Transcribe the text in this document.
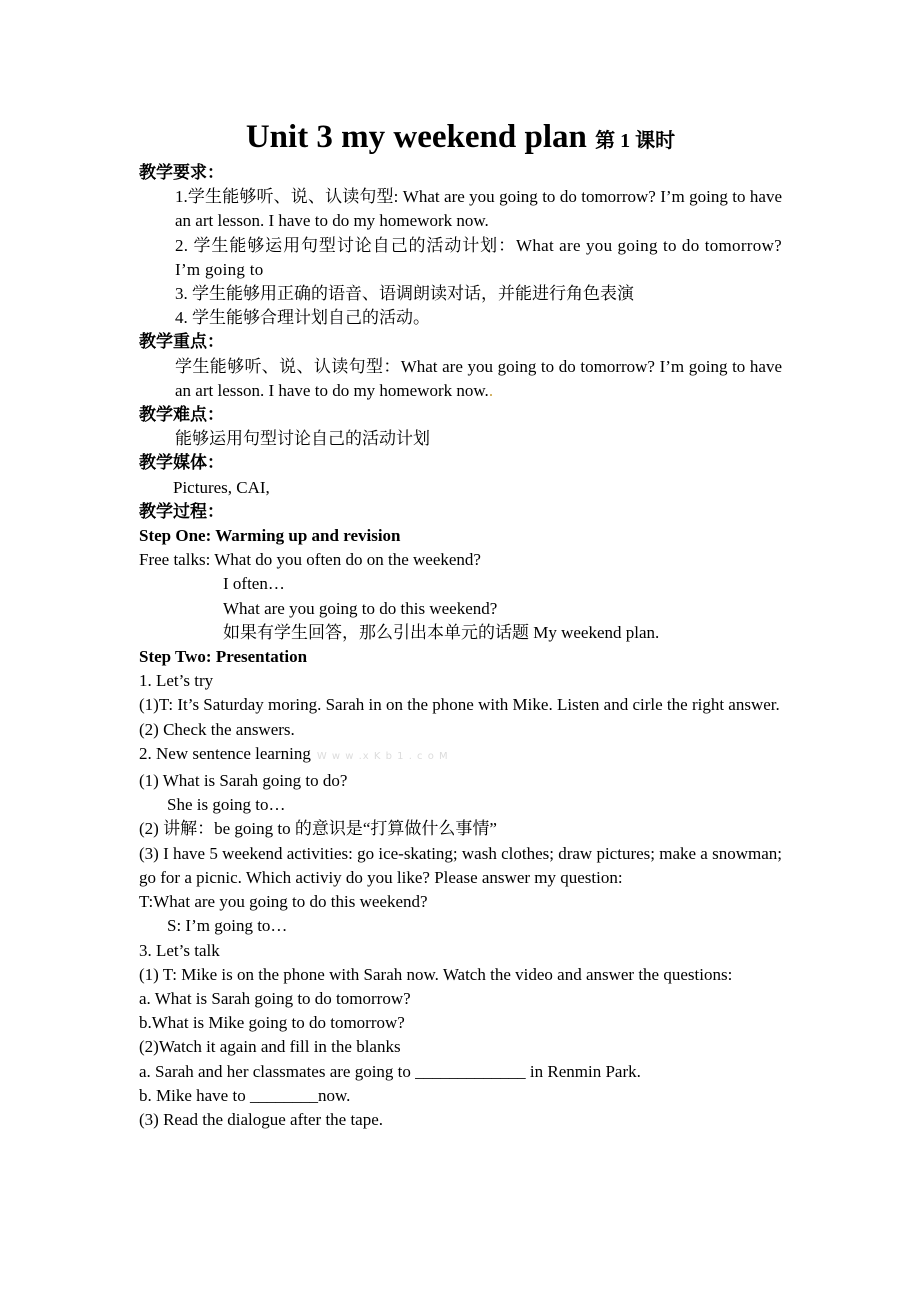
Unit 3 my weekend plan 第 1 课时

教学要求：

1.学生能够听、说、认读句型: What are you going to do tomorrow? I’m going to have an art lesson. I have to do my homework now.

2. 学生能够运用句型讨论自己的活动计划：What are you going to do tomorrow? I’m going to

3. 学生能够用正确的语音、语调朗读对话，并能进行角色表演

4. 学生能够合理计划自己的活动。

教学重点：

学生能够听、说、认读句型：What are you going to do tomorrow? I’m going to have an art lesson. I have to do my homework now..

教学难点：

能够运用句型讨论自己的活动计划

教学媒体：

Pictures, CAI,

教学过程：

Step One: Warming up and revision

Free talks: What do you often do on the weekend?

I often…

What are you going to do this weekend?

如果有学生回答，那么引出本单元的话题 My weekend plan.

Step Two: Presentation

1. Let’s try

(1)T: It’s Saturday moring. Sarah in on the phone with Mike. Listen and cirle the right answer.

(2) Check the answers.

2. New sentence learning W w w .x K b 1 . c o M

(1) What is Sarah going to do?

She is going to…

(2) 讲解：be going to 的意识是“打算做什么事情”

(3) I have 5 weekend activities: go ice-skating; wash clothes; draw pictures; make a snowman; go for a picnic. Which activiy do you like? Please answer my question:

T:What are you going to do this weekend?

S: I’m going to…

3. Let’s talk

(1) T: Mike is on the phone with Sarah now. Watch the video and answer the questions:

a. What is Sarah going to do tomorrow?

b.What is Mike going to do tomorrow?

(2)Watch it again and fill in the blanks

a. Sarah and her classmates are going to _____________ in Renmin Park.

b. Mike have to ________now.

(3) Read the dialogue after the tape.
